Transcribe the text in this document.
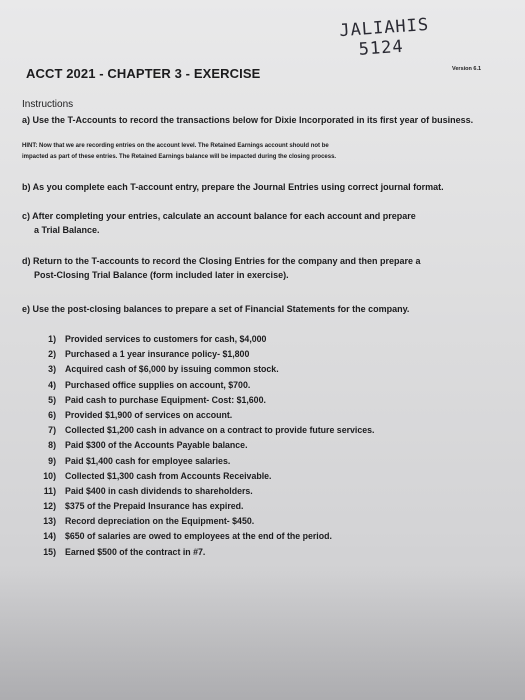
JALIAHIS
5124
ACCT 2021 - CHAPTER 3 - EXERCISE	Version 6.1
Instructions
a) Use the T-Accounts to record the transactions below for Dixie Incorporated in its first year of business.
HINT: Now that we are recording entries on the account level. The Retained Earnings account should not be
impacted as part of these entries. The Retained Earnings balance will be impacted during the closing process.
b) As you complete each T-account entry, prepare the Journal Entries using correct journal format.
c) After completing your entries, calculate an account balance for each account and prepare
a Trial Balance.
d) Return to the T-accounts to record the Closing Entries for the company and then prepare a
Post-Closing Trial Balance (form included later in exercise).
e) Use the post-closing balances to prepare a set of Financial Statements for the company.
1) Provided services to customers for cash, $4,000
2) Purchased a 1 year insurance policy- $1,800
3) Acquired cash of $6,000 by issuing common stock.
4) Purchased office supplies on account, $700.
5) Paid cash to purchase Equipment- Cost: $1,600.
6) Provided $1,900 of services on account.
7) Collected $1,200 cash in advance on a contract to provide future services.
8) Paid $300 of the Accounts Payable balance.
9) Paid $1,400 cash for employee salaries.
10) Collected $1,300 cash from Accounts Receivable.
11) Paid $400 in cash dividends to shareholders.
12) $375 of the Prepaid Insurance has expired.
13) Record depreciation on the Equipment- $450.
14) $650 of salaries are owed to employees at the end of the period.
15) Earned $500 of the contract in #7.
